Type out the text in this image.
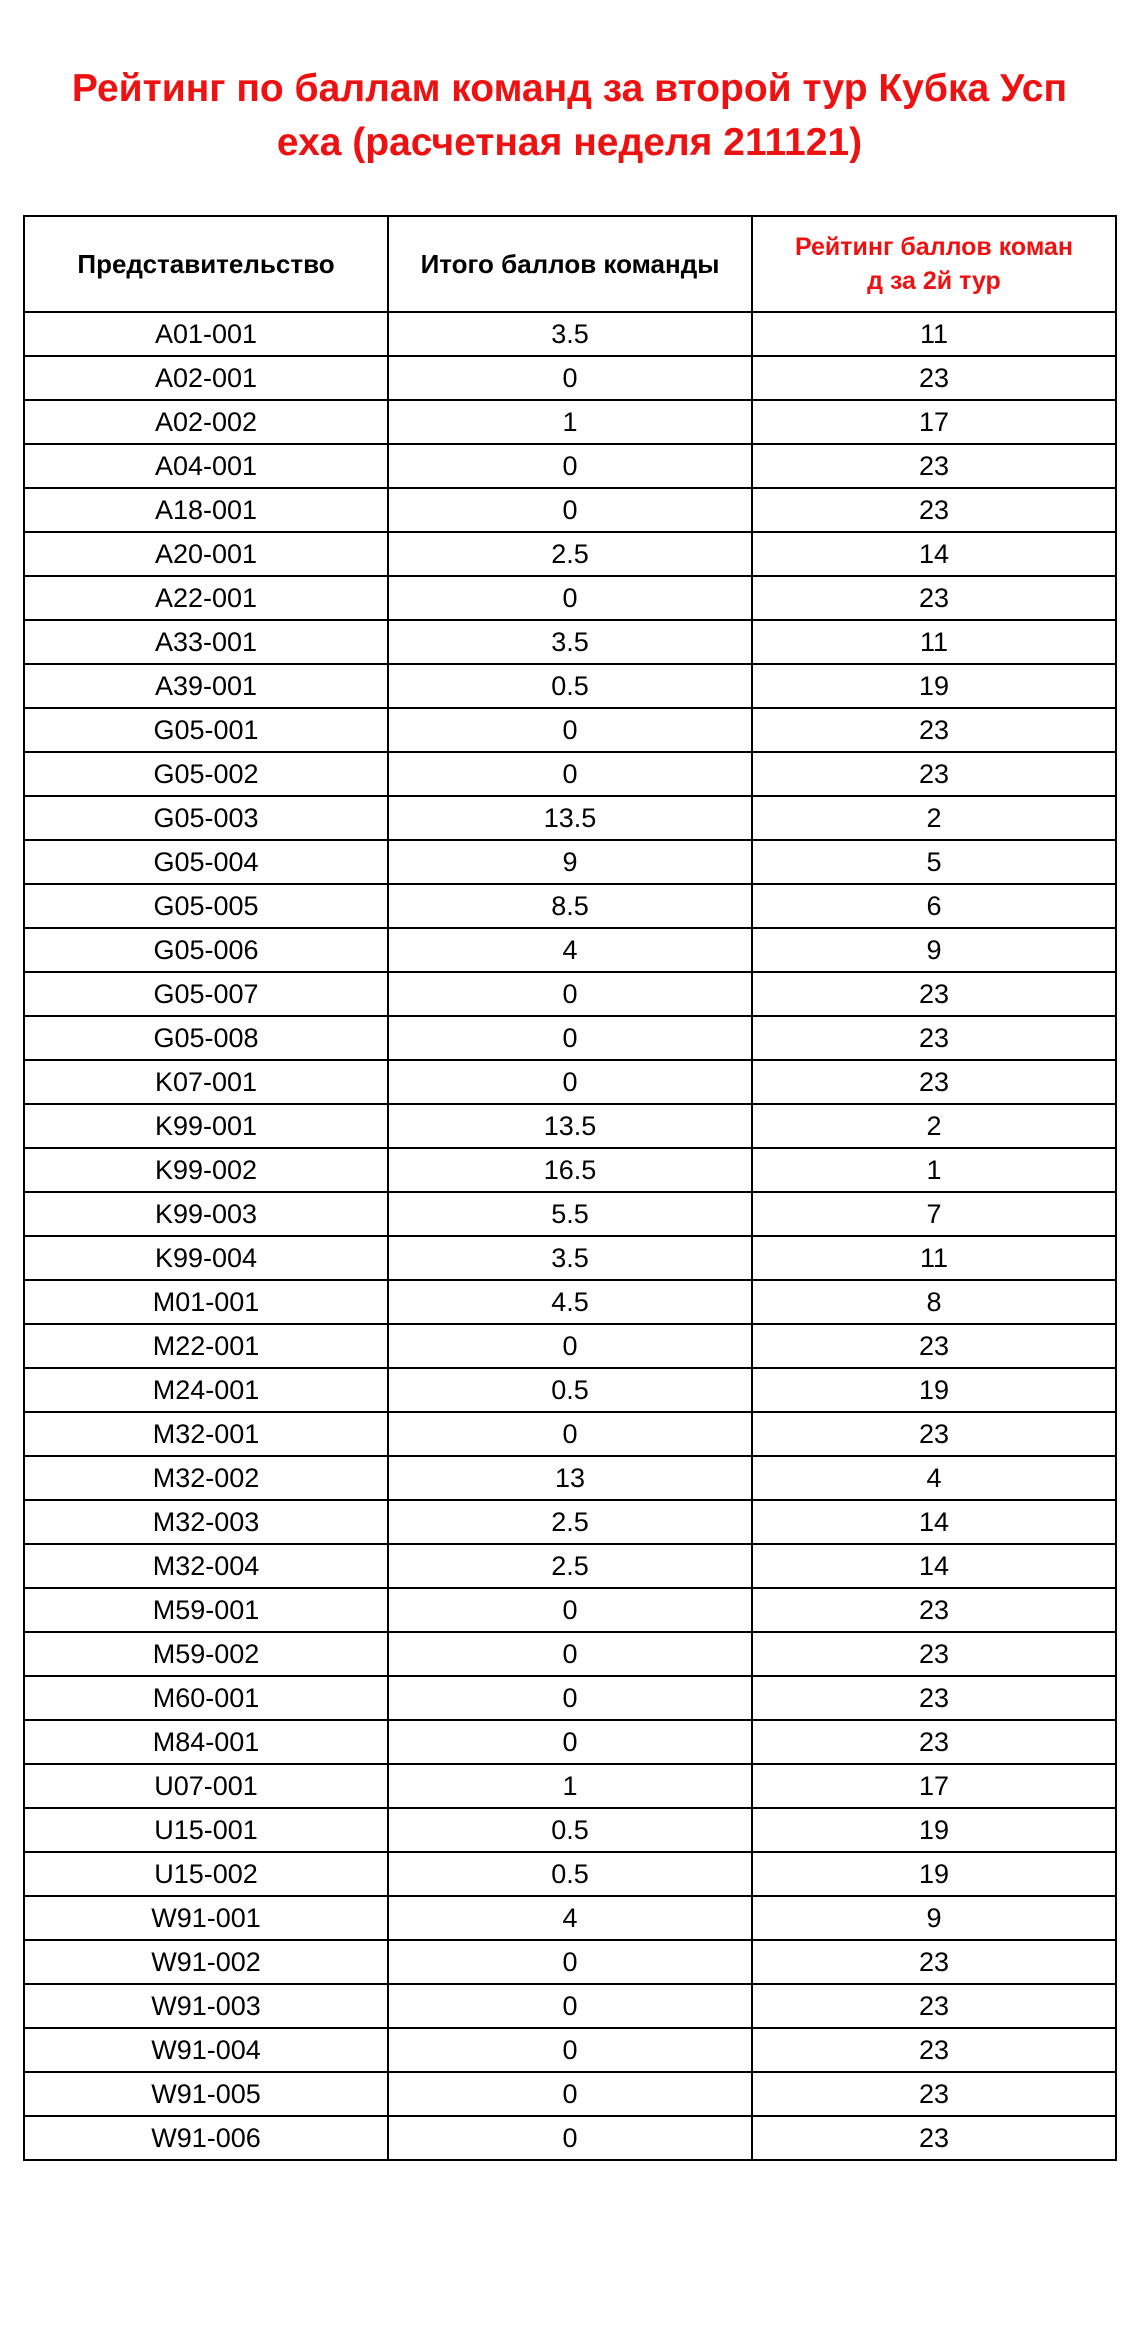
Рейтинг по баллам команд за второй тур Кубка Усп
еха (расчетная неделя 211121)
Представительство	Итого баллов команды	Рейтинг баллов коман
д за 2й тур

A01-001	3.5	11
A02-001	0	23
A02-002	1	17
A04-001	0	23
A18-001	0	23
A20-001	2.5	14
A22-001	0	23
A33-001	3.5	11
A39-001	0.5	19
G05-001	0	23
G05-002	0	23
G05-003	13.5	2
G05-004	9	5
G05-005	8.5	6
G05-006	4	9
G05-007	0	23
G05-008	0	23
K07-001	0	23
K99-001	13.5	2
K99-002	16.5	1
K99-003	5.5	7
K99-004	3.5	11
M01-001	4.5	8
M22-001	0	23
M24-001	0.5	19
M32-001	0	23
M32-002	13	4
M32-003	2.5	14
M32-004	2.5	14
M59-001	0	23
M59-002	0	23
M60-001	0	23
M84-001	0	23
U07-001	1	17
U15-001	0.5	19
U15-002	0.5	19
W91-001	4	9
W91-002	0	23
W91-003	0	23
W91-004	0	23
W91-005	0	23
W91-006	0	23
